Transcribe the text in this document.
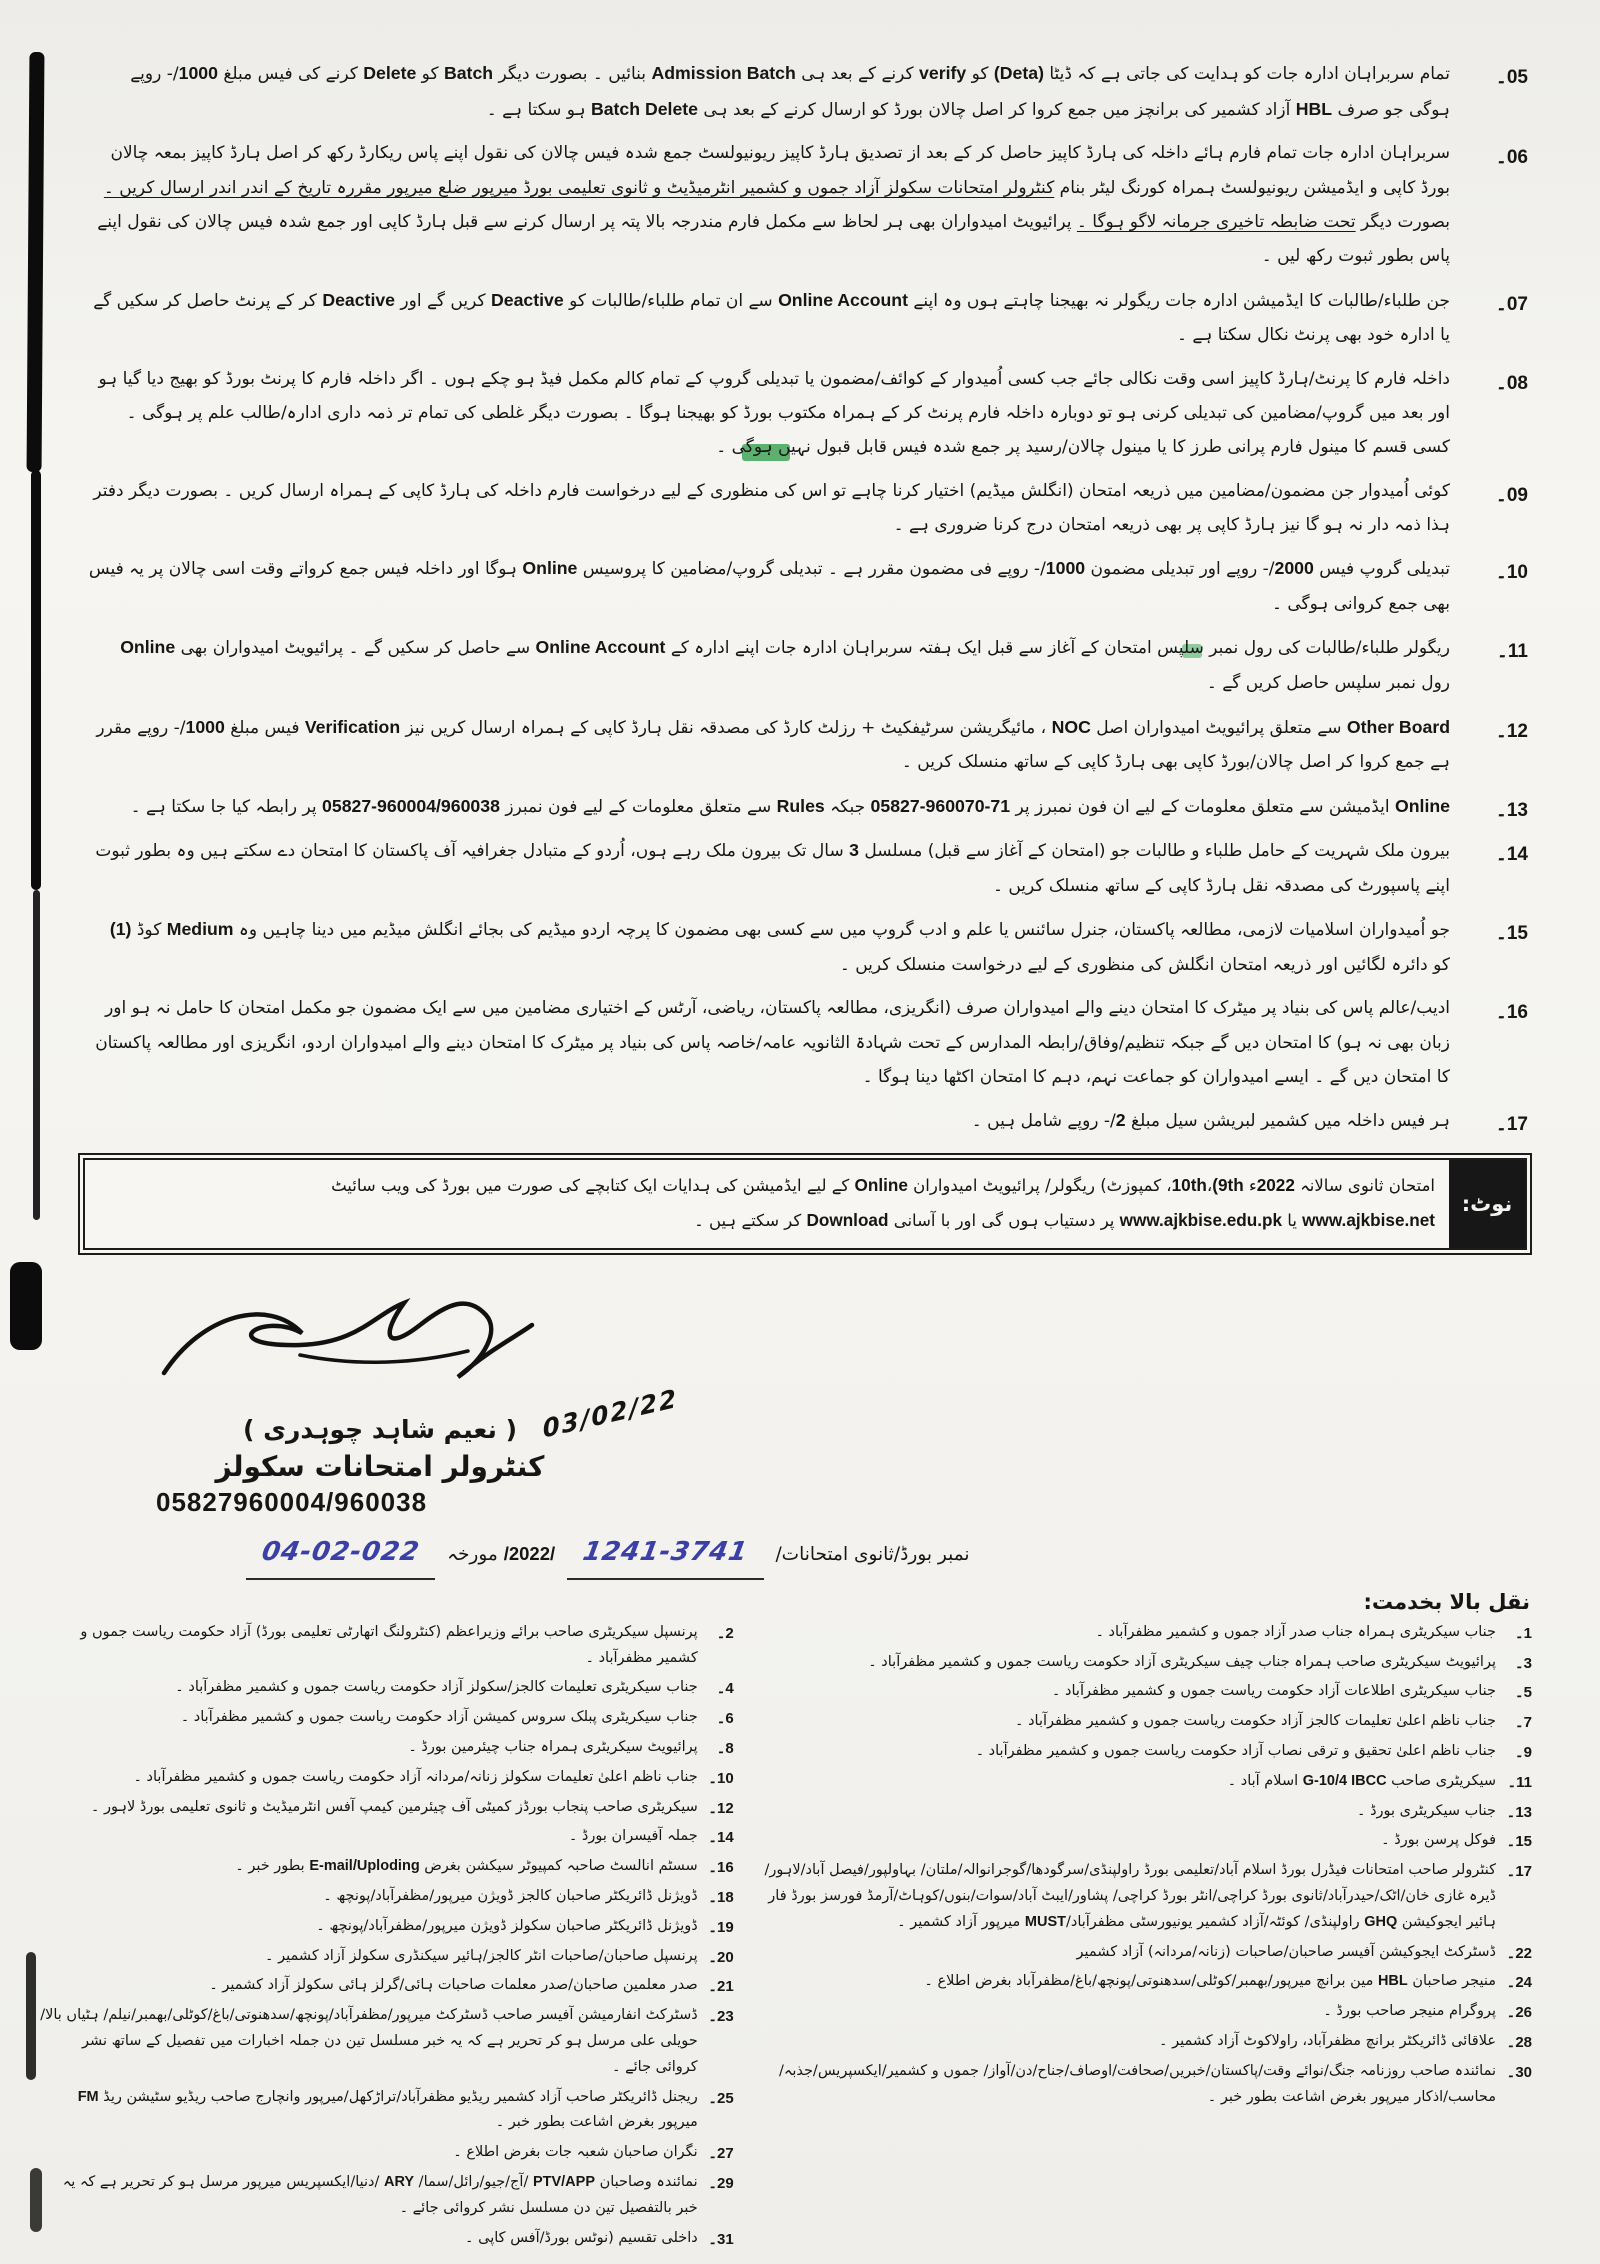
05۔
تمام سربراہان ادارہ جات کو ہدایت کی جاتی ہے کہ ڈیٹا (Deta) کو verify کرنے کے بعد ہی Admission Batch بنائیں ۔ بصورت دیگر Batch کو Delete کرنے کی فیس مبلغ 1000/- روپے ہوگی جو صرف HBL آزاد کشمیر کی برانچز میں جمع کروا کر اصل چالان بورڈ کو ارسال کرنے کے بعد ہی Batch Delete ہو سکتا ہے ۔
06۔
سربراہان ادارہ جات تمام فارم ہائے داخلہ کی ہارڈ کاپیز حاصل کر کے بعد از تصدیق ہارڈ کاپیز ریونیولسٹ جمع شدہ فیس چالان کی نقول اپنے پاس ریکارڈ رکھ کر اصل ہارڈ کاپیز بمعہ چالان بورڈ کاپی و ایڈمیشن ریونیولسٹ ہمراہ کورنگ لیٹر بنام کنٹرولر امتحانات سکولز آزاد جموں و کشمیر انٹرمیڈیٹ و ثانوی تعلیمی بورڈ میرپور ضلع میرپور مقررہ تاریخ کے اندر اندر ارسال کریں ۔ بصورت دیگر تحت ضابطہ تاخیری جرمانہ لاگو ہوگا ۔ پرائیویٹ امیدواران بھی ہر لحاظ سے مکمل فارم مندرجہ بالا پتہ پر ارسال کرنے سے قبل ہارڈ کاپی اور جمع شدہ فیس چالان کی نقول اپنے پاس بطور ثبوت رکھ لیں ۔
07۔
جن طلباء/طالبات کا ایڈمیشن ادارہ جات ریگولر نہ بھیجنا چاہتے ہوں وہ اپنے Online Account سے ان تمام طلباء/طالبات کو Deactive کریں گے اور Deactive کر کے پرنٹ حاصل کر سکیں گے یا ادارہ خود بھی پرنٹ نکال سکتا ہے ۔
08۔
داخلہ فارم کا پرنٹ/ہارڈ کاپیز اسی وقت نکالی جائے جب کسی اُمیدوار کے کوائف/مضمون یا تبدیلی گروپ کے تمام کالم مکمل فیڈ ہو چکے ہوں ۔ اگر داخلہ فارم کا پرنٹ بورڈ کو بھیج دیا گیا ہو اور بعد میں گروپ/مضامین کی تبدیلی کرنی ہو تو دوبارہ داخلہ فارم پرنٹ کر کے ہمراہ مکتوب بورڈ کو بھیجنا ہوگا ۔ بصورت دیگر غلطی کی تمام تر ذمہ داری ادارہ/طالب علم پر ہوگی ۔ کسی قسم کا مینول فارم پرانی طرز کا یا مینول چالان/رسید پر جمع شدہ فیس قابل قبول نہیں ہوگی ۔
09۔
کوئی اُمیدوار جن مضمون/مضامین میں ذریعہ امتحان (انگلش میڈیم) اختیار کرنا چاہے تو اس کی منظوری کے لیے درخواست فارم داخلہ کی ہارڈ کاپی کے ہمراہ ارسال کریں ۔ بصورت دیگر دفتر ہذا ذمہ دار نہ ہو گا نیز ہارڈ کاپی پر بھی ذریعہ امتحان درج کرنا ضروری ہے ۔
10۔
تبدیلی گروپ فیس 2000/- روپے اور تبدیلی مضمون 1000/- روپے فی مضمون مقرر ہے ۔ تبدیلی گروپ/مضامین کا پروسیس Online ہوگا اور داخلہ فیس جمع کرواتے وقت اسی چالان پر یہ فیس بھی جمع کروانی ہوگی ۔
11۔
ریگولر طلباء/طالبات کی رول نمبر سلپس امتحان کے آغاز سے قبل ایک ہفتہ سربراہان ادارہ جات اپنے ادارہ کے Online Account سے حاصل کر سکیں گے ۔ پرائیویٹ امیدواران بھی Online رول نمبر سلپس حاصل کریں گے ۔
12۔
Other Board سے متعلق پرائیویٹ امیدواران اصل NOC ، مائیگریشن سرٹیفکیٹ + رزلٹ کارڈ کی مصدقہ نقل ہارڈ کاپی کے ہمراہ ارسال کریں نیز Verification فیس مبلغ 1000/- روپے مقرر ہے جمع کروا کر اصل چالان/بورڈ کاپی بھی ہارڈ کاپی کے ساتھ منسلک کریں ۔
13۔
Online ایڈمیشن سے متعلق معلومات کے لیے ان فون نمبرز پر 05827-960070-71 جبکہ Rules سے متعلق معلومات کے لیے فون نمبرز 05827-960004/960038 پر رابطہ کیا جا سکتا ہے ۔
14۔
بیرون ملک شہریت کے حامل طلباء و طالبات جو (امتحان کے آغاز سے قبل) مسلسل 3 سال تک بیرون ملک رہے ہوں، اُردو کے متبادل جغرافیہ آف پاکستان کا امتحان دے سکتے ہیں وہ بطور ثبوت اپنے پاسپورٹ کی مصدقہ نقل ہارڈ کاپی کے ساتھ منسلک کریں ۔
15۔
جو اُمیدواران اسلامیات لازمی، مطالعہ پاکستان، جنرل سائنس یا علم و ادب گروپ میں سے کسی بھی مضمون کا پرچہ اردو میڈیم کی بجائے انگلش میڈیم میں دینا چاہیں وہ Medium کوڈ (1) کو دائرہ لگائیں اور ذریعہ امتحان انگلش کی منظوری کے لیے درخواست منسلک کریں ۔
16۔
ادیب/عالم پاس کی بنیاد پر میٹرک کا امتحان دینے والے امیدواران صرف (انگریزی، مطالعہ پاکستان، ریاضی، آرٹس کے اختیاری مضامین میں سے ایک مضمون جو مکمل امتحان کا حامل نہ ہو اور زبان بھی نہ ہو) کا امتحان دیں گے جبکہ تنظیم/وفاق/رابطہ المدارس کے تحت شہادۃ الثانویہ عامہ/خاصہ پاس کی بنیاد پر میٹرک کا امتحان دینے والے امیدواران اردو، انگریزی اور مطالعہ پاکستان کا امتحان دیں گے ۔ ایسے امیدواران کو جماعت نہم، دہم کا امتحان اکٹھا دینا ہوگا ۔
17۔
ہر فیس داخلہ میں کشمیر لبریشن سیل مبلغ 2/- روپے شامل ہیں ۔
نوٹ:
امتحان ثانوی سالانہ 2022ء (9th،10th، کمپوزٹ) ریگولر/ پرائیویٹ امیدواران Online کے لیے ایڈمیشن کی ہدایات ایک کتابچے کی صورت میں بورڈ کی ویب سائیٹ
www.ajkbise.net یا www.ajkbise.edu.pk پر دستیاب ہوں گی اور با آسانی Download کر سکتے ہیں ۔
03/02/22
( نعیم شاہد چوہدری )
کنٹرولر امتحانات سکولز
05827960004/960038
نمبر بورڈ/ثانوی امتحانات/ 1241-3741 /2022/ مورخہ 04-02-022
نقل بالا بخدمت:
2۔
پرنسپل سیکریٹری صاحب برائے وزیراعظم (کنٹرولنگ اتھارٹی تعلیمی بورڈ) آزاد حکومت ریاست جموں و کشمیر مظفرآباد ۔
4۔
جناب سیکریٹری تعلیمات کالجز/سکولز آزاد حکومت ریاست جموں و کشمیر مظفرآباد ۔
6۔
جناب سیکریٹری پبلک سروس کمیشن آزاد حکومت ریاست جموں و کشمیر مظفرآباد ۔
8۔
پرائیویٹ سیکریٹری ہمراہ جناب چیئرمین بورڈ ۔
10۔
جناب ناظم اعلیٰ تعلیمات سکولز زنانہ/مردانہ آزاد حکومت ریاست جموں و کشمیر مظفرآباد ۔
12۔
سیکریٹری صاحب پنجاب بورڈز کمیٹی آف چیئرمین کیمپ آفس انٹرمیڈیٹ و ثانوی تعلیمی بورڈ لاہور ۔
14۔
جملہ آفیسران بورڈ ۔
16۔
سسٹم انالسٹ صاحبہ کمپیوٹر سیکشن بغرض E-mail/Uploding بطور خبر ۔
18۔
ڈویژنل ڈائریکٹر صاحبان کالجز ڈویژن میرپور/مظفرآباد/پونچھ ۔
19۔
ڈویژنل ڈائریکٹر صاحبان سکولز ڈویژن میرپور/مظفرآباد/پونچھ ۔
20۔
پرنسپل صاحبان/صاحبات انٹر کالجز/ہائیر سیکنڈری سکولز آزاد کشمیر ۔
21۔
صدر معلمین صاحبان/صدر معلمات صاحبات ہائی/گرلز ہائی سکولز آزاد کشمیر ۔
23۔
ڈسٹرکٹ انفارمیشن آفیسر صاحب ڈسٹرکٹ میرپور/مظفرآباد/پونچھ/سدھنوتی/باغ/کوٹلی/بھمبر/نیلم/ ہٹیاں بالا/حویلی علی مرسل ہو کر تحریر ہے کہ یہ خبر مسلسل تین دن جملہ اخبارات میں تفصیل کے ساتھ نشر کروائی جائے ۔
25۔
ریجنل ڈائریکٹر صاحب آزاد کشمیر ریڈیو مظفرآباد/تراڑکھل/میرپور وانچارج صاحب ریڈیو سٹیشن ریڈ FM میرپور بغرض اشاعت بطور خبر ۔
27۔
نگران صاحبان شعبہ جات بغرض اطلاع ۔
29۔
نمائندہ وصاحبان PTV/APP /آج/جیو/رائل/سما/ ARY /دنیا/ایکسپریس میرپور مرسل ہو کر تحریر ہے کہ یہ خبر بالتفصیل تین دن مسلسل نشر کروائی جائے ۔
31۔
داخلی تقسیم (نوٹس بورڈ/آفس کاپی ۔
1۔
جناب سیکریٹری ہمراہ جناب صدر آزاد جموں و کشمیر مظفرآباد ۔
3۔
پرائیویٹ سیکریٹری صاحب ہمراہ جناب چیف سیکریٹری آزاد حکومت ریاست جموں و کشمیر مظفرآباد ۔
5۔
جناب سیکریٹری اطلاعات آزاد حکومت ریاست جموں و کشمیر مظفرآباد ۔
7۔
جناب ناظم اعلیٰ تعلیمات کالجز آزاد حکومت ریاست جموں و کشمیر مظفرآباد ۔
9۔
جناب ناظم اعلیٰ تحقیق و ترقی نصاب آزاد حکومت ریاست جموں و کشمیر مظفرآباد ۔
11۔
سیکریٹری صاحب G-10/4 IBCC اسلام آباد ۔
13۔
جناب سیکریٹری بورڈ ۔
15۔
فوکل پرسن بورڈ ۔
17۔
کنٹرولر صاحب امتحانات فیڈرل بورڈ اسلام آباد/تعلیمی بورڈ راولپنڈی/سرگودھا/گوجرانوالہ/ملتان/ بہاولپور/فیصل آباد/لاہور/ڈیرہ غازی خان/اٹک/حیدرآباد/ثانوی بورڈ کراچی/انٹر بورڈ کراچی/ پشاور/ایبٹ آباد/سوات/بنوں/کوہاٹ/آرمڈ فورسز بورڈ فار ہائیر ایجوکیشن GHQ راولپنڈی/ کوئٹہ/آزاد کشمیر یونیورسٹی مظفرآباد/MUST میرپور آزاد کشمیر ۔
22۔
ڈسٹرکٹ ایجوکیشن آفیسر صاحبان/صاحبات (زنانہ/مردانہ) آزاد کشمیر
24۔
منیجر صاحبان HBL مین برانچ میرپور/بھمبر/کوٹلی/سدھنوتی/پونچھ/باغ/مظفرآباد بغرض اطلاع ۔
26۔
پروگرام منیجر صاحب بورڈ ۔
28۔
علاقائی ڈائریکٹر برانچ مظفرآباد، راولاکوٹ آزاد کشمیر ۔
30۔
نمائندہ صاحب روزنامہ جنگ/نوائے وقت/پاکستان/خبریں/صحافت/اوصاف/جناح/دن/آواز/ جموں و کشمیر/ایکسپریس/جذبہ/محاسب/اذکار میرپور بغرض اشاعت بطور خبر ۔
